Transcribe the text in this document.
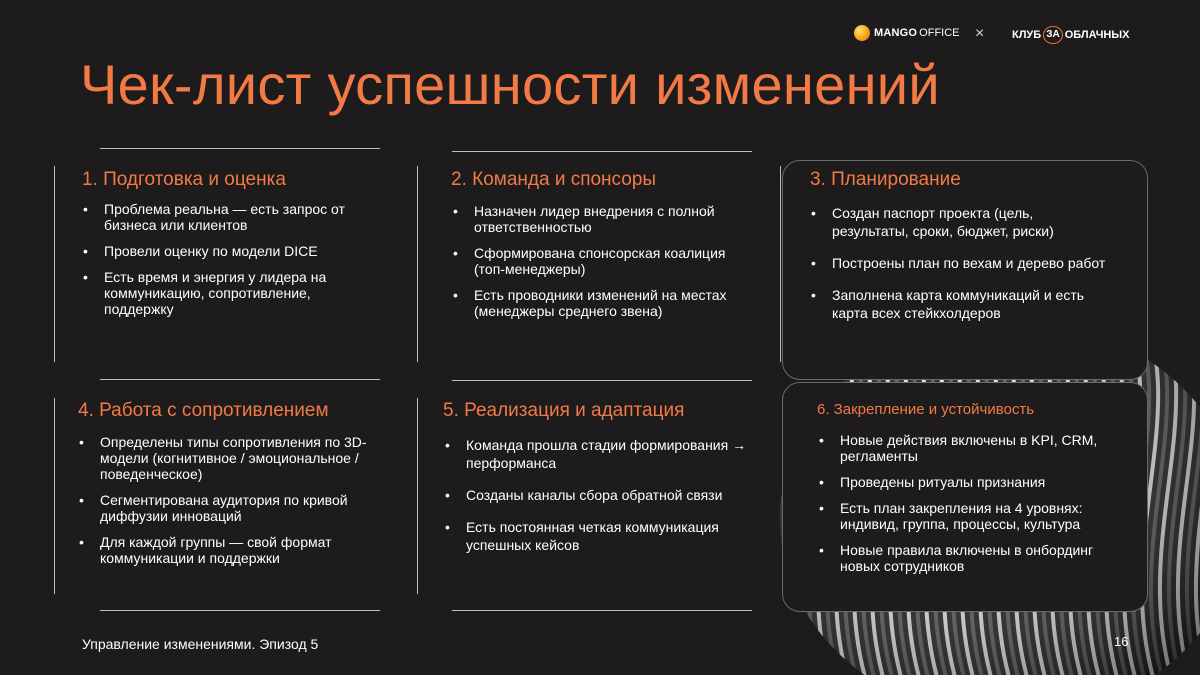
MANGO OFFICE ×	КЛУБ ЗА ОБЛАЧНЫХ
Чек-лист успешности изменений
1. Подготовка и оценка
• Проблема реальна — есть запрос от бизнеса или клиентов
• Провели оценку по модели DICE
• Есть время и энергия у лидера на коммуникацию, сопротивление, поддержку
2. Команда и спонсоры
• Назначен лидер внедрения с полной ответственностью
• Сформирована спонсорская коалиция (топ-менеджеры)
• Есть проводники изменений на местах (менеджеры среднего звена)
3. Планирование
• Создан паспорт проекта (цель, результаты, сроки, бюджет, риски)
• Построены план по вехам и дерево работ
• Заполнена карта коммуникаций и есть карта всех стейкхолдеров
4. Работа с сопротивлением
• Определены типы сопротивления по 3D-модели (когнитивное / эмоциональное / поведенческое)
• Сегментирована аудитория по кривой диффузии инноваций
• Для каждой группы — свой формат коммуникации и поддержки
5. Реализация и адаптация
• Команда прошла стадии формирования → перформанса
• Созданы каналы сбора обратной связи
• Есть постоянная четкая коммуникация успешных кейсов
6. Закрепление и устойчивость
• Новые действия включены в KPI, CRM, регламенты
• Проведены ритуалы признания
• Есть план закрепления на 4 уровнях: индивид, группа, процессы, культура
• Новые правила включены в онбординг новых сотрудников
Управление изменениями. Эпизод 5	16
